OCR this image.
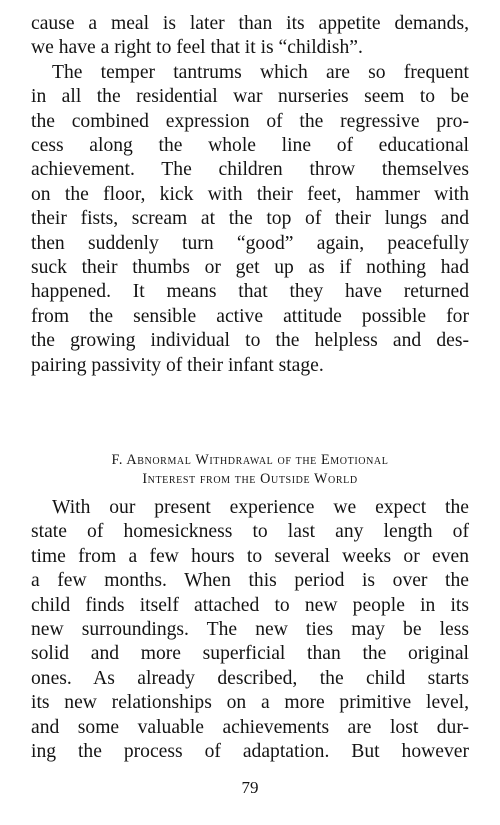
cause a meal is later than its appetite demands,
we have a right to feel that it is “childish”.

The temper tantrums which are so frequent
in all the residential war nurseries seem to be
the combined expression of the regressive pro-
cess along the whole line of educational
achievement. The children throw themselves
on the floor, kick with their feet, hammer with
their fists, scream at the top of their lungs and
then suddenly turn “good” again, peacefully
suck their thumbs or get up as if nothing had
happened. It means that they have returned
from the sensible active attitude possible for
the growing individual to the helpless and des-
pairing passivity of their infant stage.

F. Abnormal Withdrawal of the Emotional
Interest from the Outside World

With our present experience we expect the
state of homesickness to last any length of
time from a few hours to several weeks or even
a few months. When this period is over the
child finds itself attached to new people in its
new surroundings. The new ties may be less
solid and more superficial than the original
ones. As already described, the child starts
its new relationships on a more primitive level,
and some valuable achievements are lost dur-
ing the process of adaptation. But however

79
